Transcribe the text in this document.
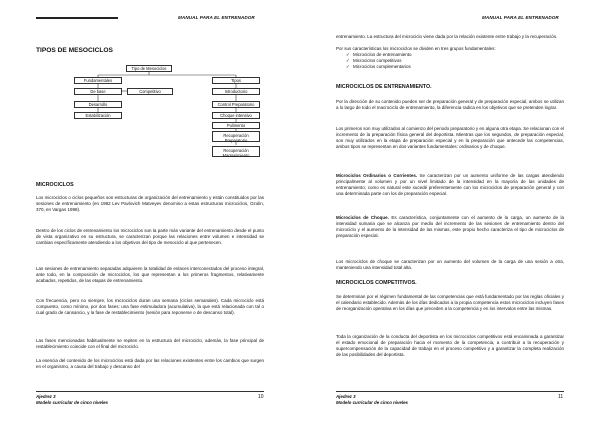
MANUAL PARA EL ENTRENADOR
TIPOS DE MESOCICLOS
Tipo de Mesociclos
Fundamentales
De base
Desarrollo
Estabilización
Competitivo
Tipos
Introductorio
Control Preparatorio
Choque intensivo
Pulimento
Recuperación Preparatorio
Recuperación Mantenimiento
MICROCICLOS
Los microciclos o ciclos pequeños son estructuras de organización del entrenamiento y están constituidos por las sesiones de entrenamiento (en 1982 Lev Pavlovich Matveyev denomino a estas estructuras microciclos, Ozolin, 370, en Vargas 1998).
Dentro de los ciclos de entrenamiento los microciclos son la parte más variante del entrenamiento desde el punto de vista organizativo en su estructura, se caracterizan porque las relaciones entre volumen e intensidad se cambian específicamente atendiendo a los objetivos del tipo de mesociclo al que pertenecen.
Las sesiones de entrenamiento separadas adquieren la totalidad de enlaces interconectados del proceso integral, ante todo, en la composición de microciclos, los que representan a los primeros fragmentos, relativamente acabados, repetidos, de las etapas de entrenamiento.
Con frecuencia, pero no siempre, los microciclos duran una semana (ciclos semanales). Cada microciclo está compuesto, como mínimo, por dos fases: una fase estimuladora (acumulativa), la que está relacionada con tal o cual grado de cansancio, y la fase de restablecimiento (sesión para reponerse o de descanso total).
Las fases mencionadas habitualmente se repiten en la estructura del microciclo, además, la fase principal de restablecimiento coincide con el final del microciclo.
La esencia del contenido de los microciclos está dada por las relaciones existentes entre los cambios que surgen en el organismo, a causa del trabajo y descanso del
Ajedrez 3
Modelo curricular de cinco niveles
10
MANUAL PARA EL ENTRENADOR
entrenamiento. La estructura del microciclo viene dada por la relación existente entre trabajo y la recuperación.
Por sus características los microciclos se dividen en tres grupos fundamentales:
✓ Microciclos de entrenamiento
✓ Microciclos competitivos
✓ Microciclos complementarios
MICROCICLOS DE ENTRENAMIENTO.
Por la dirección de su contenido pueden ser de preparación general y de preparación especial, ambos se utilizan a lo largo de todo el macrociclo de entrenamiento, la diferencia radica en los objetivos que se pretenden lograr.
Los primeros son muy utilizados al comienzo del periodo preparatorio y en alguna otra etapa. Se relacionan con el incremento de la preparación física general del deportista. Mientras que los segundos, de preparación especial, son muy utilizados en la etapa de preparación especial y en la preparación que antecede las competencias, ambos tipos se representan en dos variantes fundamentales: ordinarios y de choque.
Microciclos Ordinarios o Corrientes. Se caracterizan por un aumento uniforme de las cargas atendiendo principalmente al volumen y por un nivel limitado de la intensidad en la mayoría de las unidades de entrenamiento; como es natural este sucedé preferentemente con los microciclos de preparación general y con una determinada parte con los de preparación especial.
Microciclos de Choque. Es característica, conjuntamente con el aumento de la carga, un aumento de la intensidad sumaria que se alcanza por medio del incremento de las sesiones de entrenamiento dentro del microciclo y el aumento de la intensidad de las mismas, este propio hecho caracteriza el tipo de microciclos de preparación especial.
Los microciclos de choque se caracterizan por un aumento del volumen de la carga de una sesión a otra, manteniendo una intensidad total alta.
MICROCICLOS COMPETITIVOS.
Se determinan por el régimen fundamental de las competencias que está fundamentado por las reglas oficiales y el calendario establecido. Además de los días dedicados a la propia competencia estos microciclos incluyen fases de reorganización operativa en los días que preceden a la competencia y en los intervalos entre las mismas.
Toda la organización de la conducta del deportista en los microciclos competitivos está encaminada a garantizar el estado emocional de preparación hacia el momento de la competencia, a contribuir a la recuperación y supercompensación de la capacidad de trabajo en el proceso competitivo y a garantizar la completa realización de las posibilidades del deportista.
Ajedrez 3
Modelo curricular de cinco niveles
11
